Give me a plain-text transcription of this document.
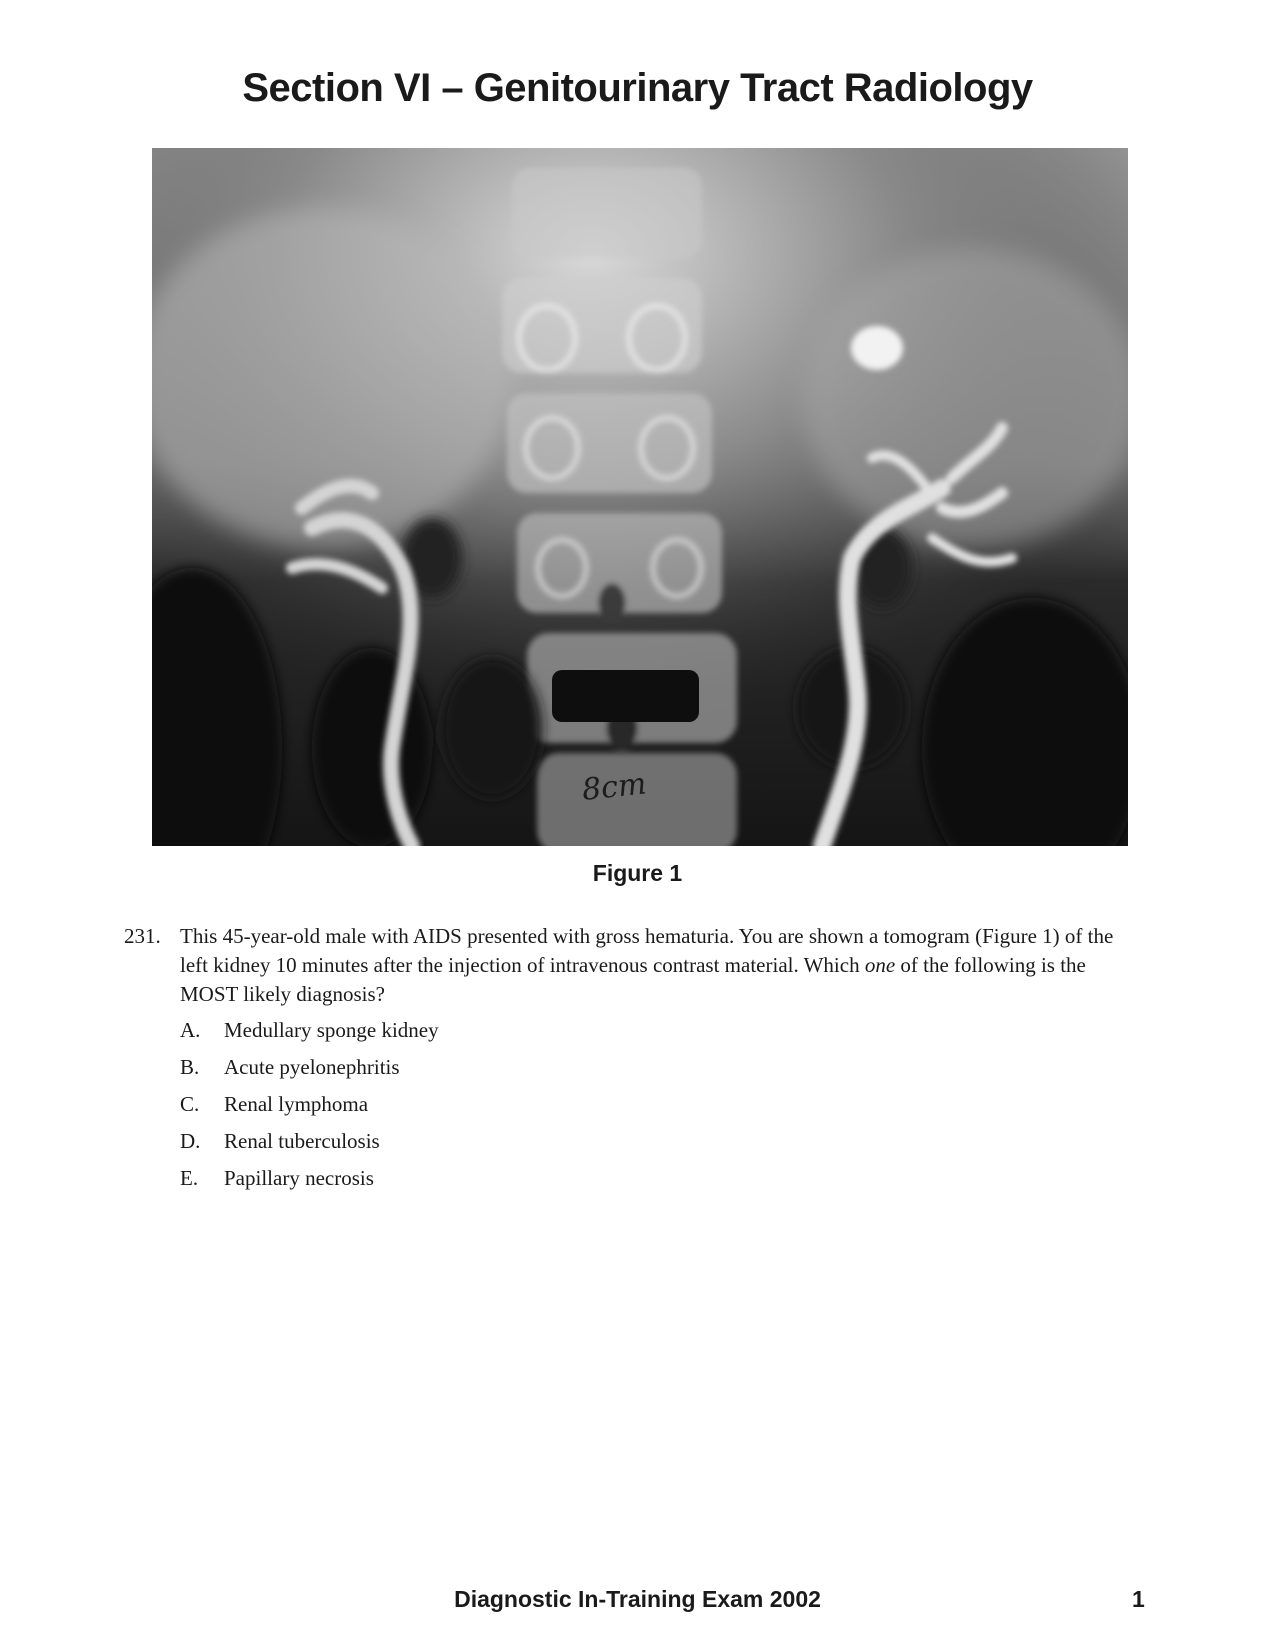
Section VI – Genitourinary Tract Radiology
8cm
Figure 1
231. This 45-year-old male with AIDS presented with gross hematuria. You are shown a tomogram (Figure 1) of the left kidney 10 minutes after the injection of intravenous contrast material. Which one of the following is the MOST likely diagnosis?
A. Medullary sponge kidney
B. Acute pyelonephritis
C. Renal lymphoma
D. Renal tuberculosis
E. Papillary necrosis
Diagnostic In-Training Exam 2002	1
